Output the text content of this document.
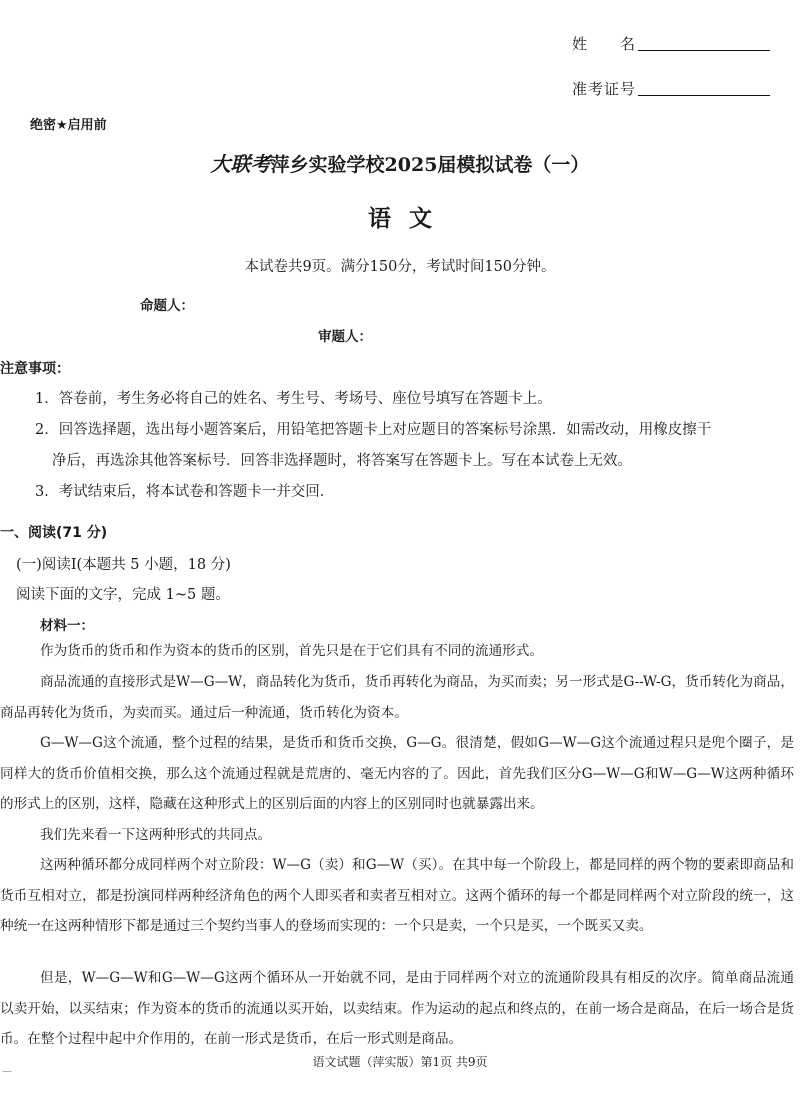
姓　　名
准考证号
绝密★启用前
大联考萍乡实验学校2025届模拟试卷（一）
语文
本试卷共9页。满分150分，考试时间150分钟。
命题人：
审题人：
注意事项：
1．答卷前，考生务必将自己的姓名、考生号、考场号、座位号填写在答题卡上。
2．回答选择题，选出每小题答案后，用铅笔把答题卡上对应题目的答案标号涂黑．如需改动，用橡皮擦干
净后，再选涂其他答案标号．回答非选择题时，将答案写在答题卡上。写在本试卷上无效。
3．考试结束后，将本试卷和答题卡一并交回．
一、阅读(71 分)
(一)阅读Ⅰ(本题共 5 小题，18 分)
阅读下面的文字，完成 1~5 题。
材料一：
作为货币的货币和作为资本的货币的区别，首先只是在于它们具有不同的流通形式。
商品流通的直接形式是W—G—W，商品转化为货币，货币再转化为商品，为买而卖；另一形式是G--W-G，货币转化为商品，商品再转化为货币，为卖而买。通过后一种流通，货币转化为资本。
G—W—G这个流通，整个过程的结果，是货币和货币交换，G—G。很清楚，假如G—W—G这个流通过程只是兜个圈子，是同样大的货币价值相交换，那么这个流通过程就是荒唐的、毫无内容的了。因此，首先我们区分G—W—G和W—G—W这两种循环的形式上的区别，这样，隐藏在这种形式上的区别后面的内容上的区别同时也就暴露出来。
我们先来看一下这两种形式的共同点。
这两种循环都分成同样两个对立阶段：W—G（卖）和G—W（买）。在其中每一个阶段上，都是同样的两个物的要素即商品和货币互相对立，都是扮演同样两种经济角色的两个人即买者和卖者互相对立。这两个循环的每一个都是同样两个对立阶段的统一，这种统一在这两种情形下都是通过三个契约当事人的登场而实现的：一个只是卖，一个只是买，一个既买又卖。
但是，W—G—W和G—W—G这两个循环从一开始就不同，是由于同样两个对立的流通阶段具有相反的次序。简单商品流通以卖开始，以买结束；作为资本的货币的流通以买开始，以卖结束。作为运动的起点和终点的，在前一场合是商品，在后一场合是货币。在整个过程中起中介作用的，在前一形式是货币，在后一形式则是商品。
语文试题（萍实版）第1页 共9页
—
